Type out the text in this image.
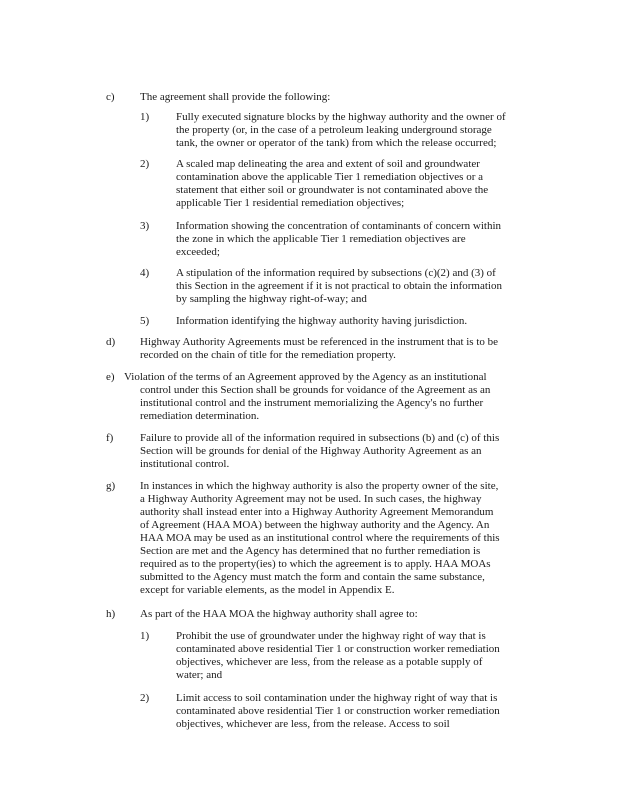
c) The agreement shall provide the following:
1) Fully executed signature blocks by the highway authority and the owner of
the property (or, in the case of a petroleum leaking underground storage
tank, the owner or operator of the tank) from which the release occurred;
2) A scaled map delineating the area and extent of soil and groundwater
contamination above the applicable Tier 1 remediation objectives or a
statement that either soil or groundwater is not contaminated above the
applicable Tier 1 residential remediation objectives;
3) Information showing the concentration of contaminants of concern within
the zone in which the applicable Tier 1 remediation objectives are
exceeded;
4) A stipulation of the information required by subsections (c)(2) and (3) of
this Section in the agreement if it is not practical to obtain the information
by sampling the highway right-of-way; and
5) Information identifying the highway authority having jurisdiction.
d) Highway Authority Agreements must be referenced in the instrument that is to be
recorded on the chain of title for the remediation property.
e) Violation of the terms of an Agreement approved by the Agency as an institutional
control under this Section shall be grounds for voidance of the Agreement as an
institutional control and the instrument memorializing the Agency's no further
remediation determination.
f) Failure to provide all of the information required in subsections (b) and (c) of this
Section will be grounds for denial of the Highway Authority Agreement as an
institutional control.
g) In instances in which the highway authority is also the property owner of the site,
a Highway Authority Agreement may not be used. In such cases, the highway
authority shall instead enter into a Highway Authority Agreement Memorandum
of Agreement (HAA MOA) between the highway authority and the Agency. An
HAA MOA may be used as an institutional control where the requirements of this
Section are met and the Agency has determined that no further remediation is
required as to the property(ies) to which the agreement is to apply. HAA MOAs
submitted to the Agency must match the form and contain the same substance,
except for variable elements, as the model in Appendix E.
h) As part of the HAA MOA the highway authority shall agree to:
1) Prohibit the use of groundwater under the highway right of way that is
contaminated above residential Tier 1 or construction worker remediation
objectives, whichever are less, from the release as a potable supply of
water; and
2) Limit access to soil contamination under the highway right of way that is
contaminated above residential Tier 1 or construction worker remediation
objectives, whichever are less, from the release. Access to soil
